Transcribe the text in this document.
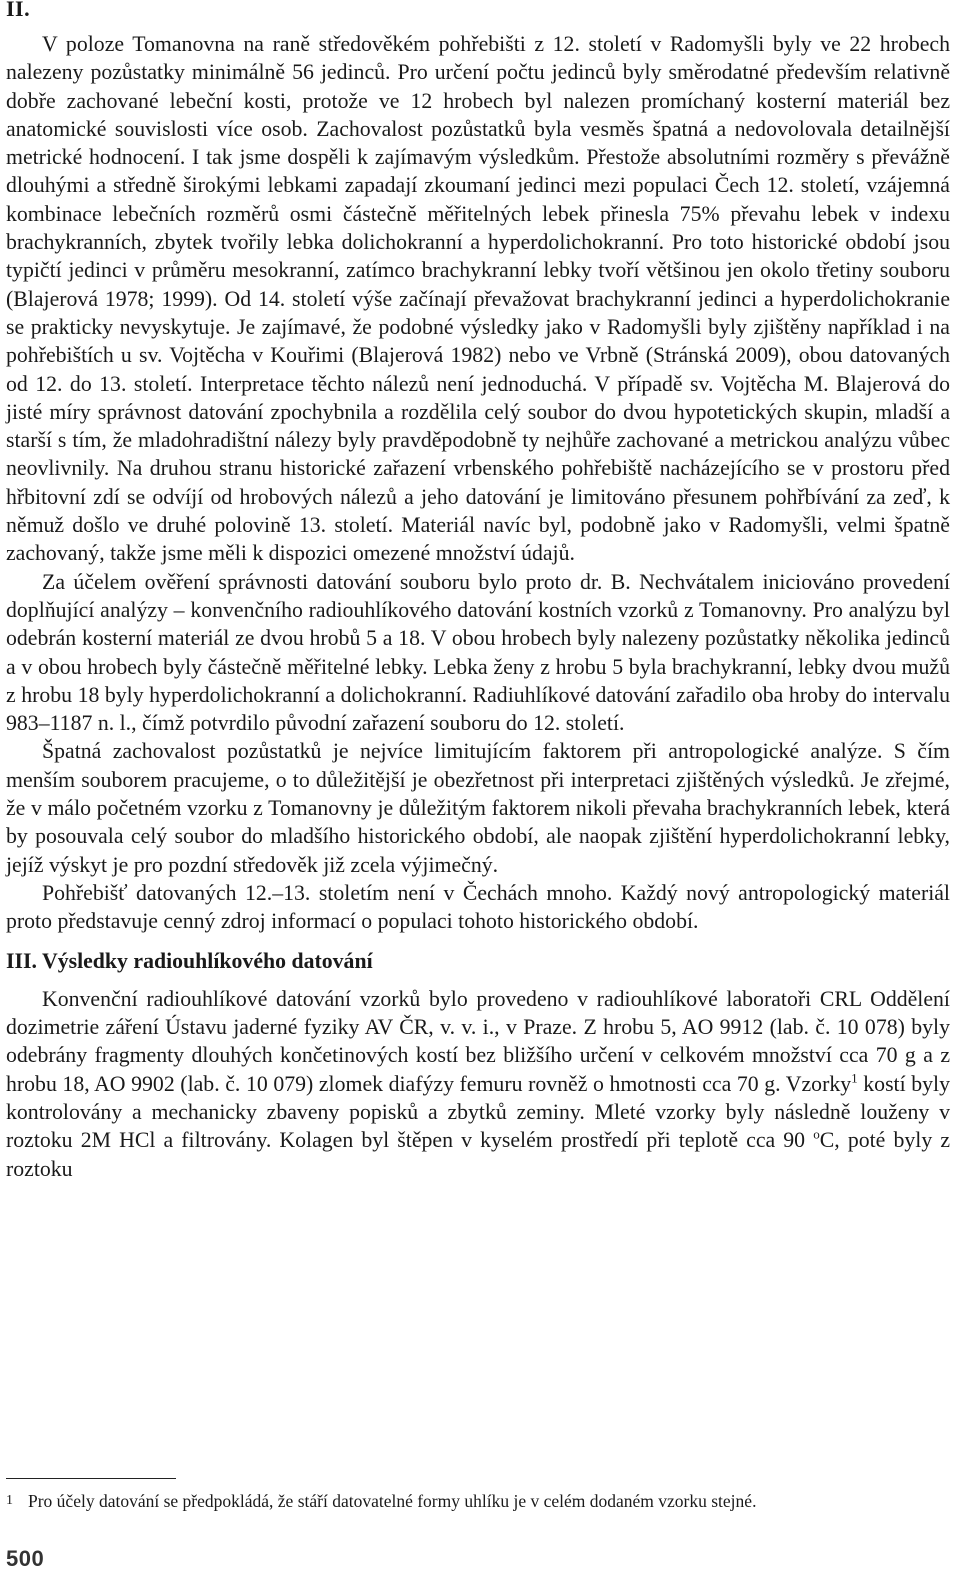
II.

V poloze Tomanovna na raně středověkém pohřebišti z 12. století v Radomyšli byly ve 22 hrobech nalezeny pozůstatky minimálně 56 jedinců. Pro určení počtu jedinců byly směrodatné především relativně dobře zachované lebeční kosti, protože ve 12 hrobech byl nalezen promíchaný kosterní materiál bez anatomické souvislosti více osob. Zachovalost pozůstatků byla vesměs špatná a nedovolovala detailnější metrické hodnocení. I tak jsme dospěli k zajímavým výsledkům. Přestože absolutními rozměry s převážně dlouhými a středně širokými lebkami zapadají zkoumaní jedinci mezi populaci Čech 12. století, vzájemná kombinace lebečních rozměrů osmi částečně měřitelných lebek přinesla 75% převahu lebek v indexu brachykranních, zbytek tvořily lebka dolichokranní a hyperdolichokranní. Pro toto historické období jsou typičtí jedinci v průměru mesokranní, zatímco brachykranní lebky tvoří většinou jen okolo třetiny souboru (Blajerová 1978; 1999). Od 14. století výše začínají převažovat brachykranní jedinci a hyperdolichokranie se prakticky nevyskytuje. Je zajímavé, že podobné výsledky jako v Radomyšli byly zjištěny například i na pohřebištích u sv. Vojtěcha v Kouřimi (Blajerová 1982) nebo ve Vrbně (Stránská 2009), obou datovaných od 12. do 13. století. Interpretace těchto nálezů není jednoduchá. V případě sv. Vojtěcha M. Blajerová do jisté míry správnost datování zpochybnila a rozdělila celý soubor do dvou hypotetických skupin, mladší a starší s tím, že mladohradištní nálezy byly pravděpodobně ty nejhůře zachované a metrickou analýzu vůbec neovlivnily. Na druhou stranu historické zařazení vrbenského pohřebiště nacházejícího se v prostoru před hřbitovní zdí se odvíjí od hrobových nálezů a jeho datování je limitováno přesunem pohřbívání za zeď, k němuž došlo ve druhé polovině 13. století. Materiál navíc byl, podobně jako v Radomyšli, velmi špatně zachovaný, takže jsme měli k dispozici omezené množství údajů.

Za účelem ověření správnosti datování souboru bylo proto dr. B. Nechvátalem iniciováno provedení doplňující analýzy – konvenčního radiouhlíkového datování kostních vzorků z Tomanovny. Pro analýzu byl odebrán kosterní materiál ze dvou hrobů 5 a 18. V obou hrobech byly nalezeny pozůstatky několika jedinců a v obou hrobech byly částečně měřitelné lebky. Lebka ženy z hrobu 5 byla brachykranní, lebky dvou mužů z hrobu 18 byly hyperdolichokranní a dolichokranní. Radiuhlíkové datování zařadilo oba hroby do intervalu 983–1187 n. l., čímž potvrdilo původní zařazení souboru do 12. století.

Špatná zachovalost pozůstatků je nejvíce limitujícím faktorem při antropologické analýze. S čím menším souborem pracujeme, o to důležitější je obezřetnost při interpretaci zjištěných výsledků. Je zřejmé, že v málo početném vzorku z Tomanovny je důležitým faktorem nikoli převaha brachykranních lebek, která by posouvala celý soubor do mladšího historického období, ale naopak zjištění hyperdolichokranní lebky, jejíž výskyt je pro pozdní středověk již zcela výjimečný.

Pohřebišť datovaných 12.–13. stoletím není v Čechách mnoho. Každý nový antropologický materiál proto představuje cenný zdroj informací o populaci tohoto historického období.

III. Výsledky radiouhlíkového datování

Konvenční radiouhlíkové datování vzorků bylo provedeno v radiouhlíkové laboratoři CRL Oddělení dozimetrie záření Ústavu jaderné fyziky AV ČR, v. v. i., v Praze. Z hrobu 5, AO 9912 (lab. č. 10 078) byly odebrány fragmenty dlouhých končetinových kostí bez bližšího určení v celkovém množství cca 70 g a z hrobu 18, AO 9902 (lab. č. 10 079) zlomek diafýzy femuru rovněž o hmotnosti cca 70 g. Vzorky$^1$ kostí byly kontrolovány a mechanicky zbaveny popisků a zbytků zeminy. Mleté vzorky byly následně louženy v roztoku 2M HCl a filtrovány. Kolagen byl štěpen v kyselém prostředí při teplotě cca 90 $^o$C, poté byly z roztoku

1 Pro účely datování se předpokládá, že stáří datovatelné formy uhlíku je v celém dodaném vzorku stejné.
500
